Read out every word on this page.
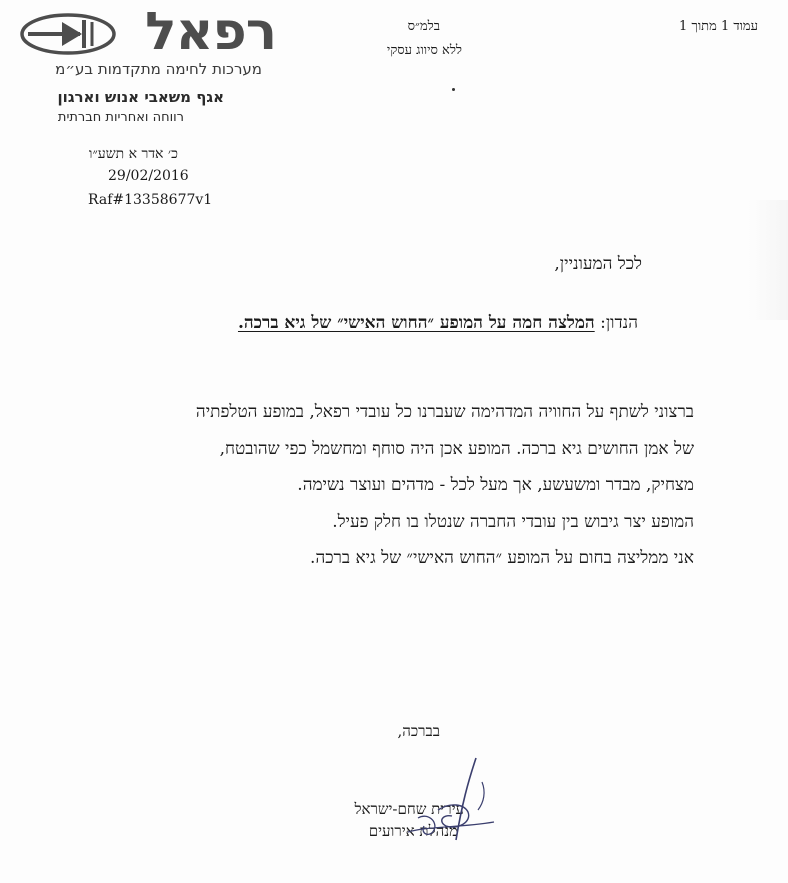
רפאל
מערכות לחימה מתקדמות בע״מ
אגף משאבי אנוש וארגון
רווחה ואחריות חברתית
כ׳ אדר א תשע״ו
29/02/2016
Raf#13358677v1
עמוד 1 מתוך 1
בלמ״ס
ללא סיווג עסקי
לכל המעוניין,
הנדון: המלצה חמה על המופע ״החוש האישי״ של גיא ברכה.
ברצוני לשתף על החוויה המדהימה שעברנו כל עובדי רפאל, במופע הטלפתיה
של אמן החושים גיא ברכה. המופע אכן היה סוחף ומחשמל כפי שהובטח,
מצחיק, מבדר ומשעשע, אך מעל לכל - מדהים ועוצר נשימה.
המופע יצר גיבוש בין עובדי החברה שנטלו בו חלק פעיל.
אני ממליצה בחום על המופע ״החוש האישי״ של גיא ברכה.
בברכה,
עירית שחם-ישראל
מנהלת אירועים
